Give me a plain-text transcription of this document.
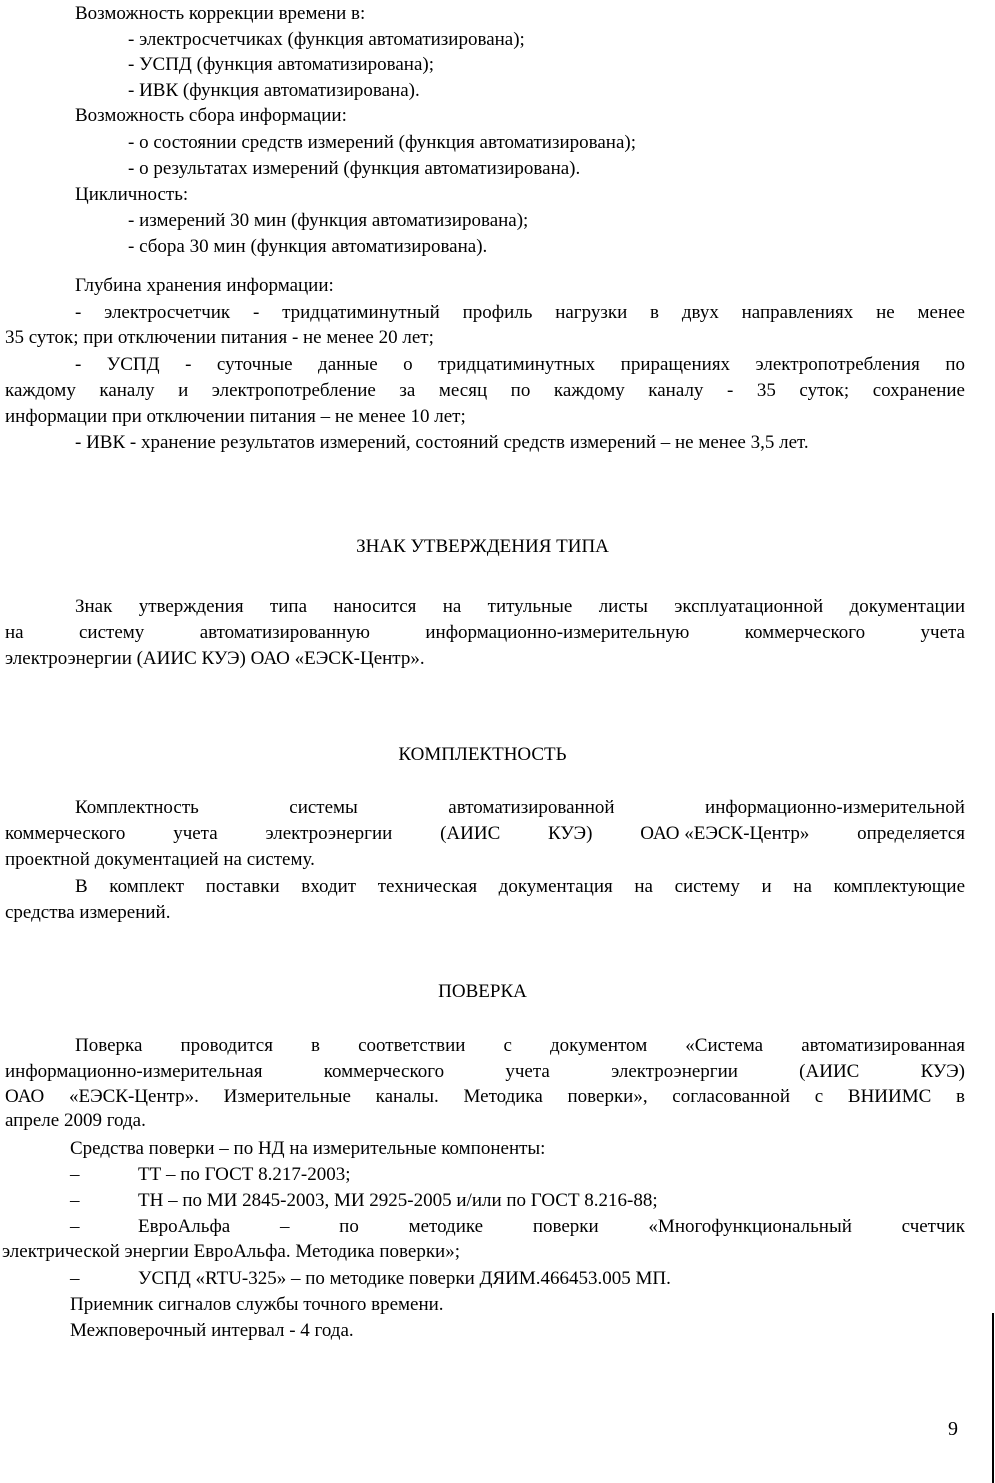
Возможность коррекции времени в:
- электросчетчиках (функция автоматизирована);
- УСПД (функция автоматизирована);
- ИВК (функция автоматизирована).
Возможность сбора информации:
- о состоянии средств измерений (функция автоматизирована);
- о результатах измерений (функция автоматизирована).
Цикличность:
- измерений 30 мин (функция автоматизирована);
- сбора 30 мин (функция автоматизирована).
Глубина хранения информации:
- электросчетчик - тридцатиминутный профиль нагрузки в двух направлениях не менее
35 суток; при отключении питания - не менее 20 лет;
- УСПД - суточные данные о тридцатиминутных приращениях электропотребления по
каждому каналу и электропотребление за месяц по каждому каналу - 35 суток; сохранение
информации при отключении питания – не менее 10 лет;
- ИВК - хранение результатов измерений, состояний средств измерений – не менее 3,5 лет.
ЗНАК УТВЕРЖДЕНИЯ ТИПА
Знак утверждения типа наносится на титульные листы эксплуатационной документации
на	систему	автоматизированную	информационно-измерительную	коммерческого	учета
электроэнергии (АИИС КУЭ) ОАО «ЕЭСК-Центр».
КОМПЛЕКТНОСТЬ
Комплектность	системы	автоматизированной	информационно-измерительной
коммерческого	учета	электроэнергии	(АИИС	КУЭ)	ОАО «ЕЭСК-Центр»	определяется
проектной документацией на систему.
В комплект поставки входит техническая документация на систему и на комплектующие
средства измерений.
ПОВЕРКА
Поверка проводится в соответствии с документом «Система автоматизированная
информационно-измерительная	коммерческого	учета	электроэнергии	(АИИС	КУЭ)
ОАО «ЕЭСК-Центр». Измерительные каналы. Методика поверки», согласованной с ВНИИМС в
апреле 2009 года.
Средства поверки – по НД на измерительные компоненты:
–	ТТ – по ГОСТ 8.217-2003;
–	ТН – по МИ 2845-2003, МИ 2925-2005 и/или по ГОСТ 8.216-88;
–	ЕвроАльфа	–	по	методике	поверки	«Многофункциональный	счетчик
электрической энергии ЕвроАльфа. Методика поверки»;
–	УСПД «RTU-325» – по методике поверки ДЯИМ.466453.005 МП.
Приемник сигналов службы точного времени.
Межповерочный интервал - 4 года.
9
